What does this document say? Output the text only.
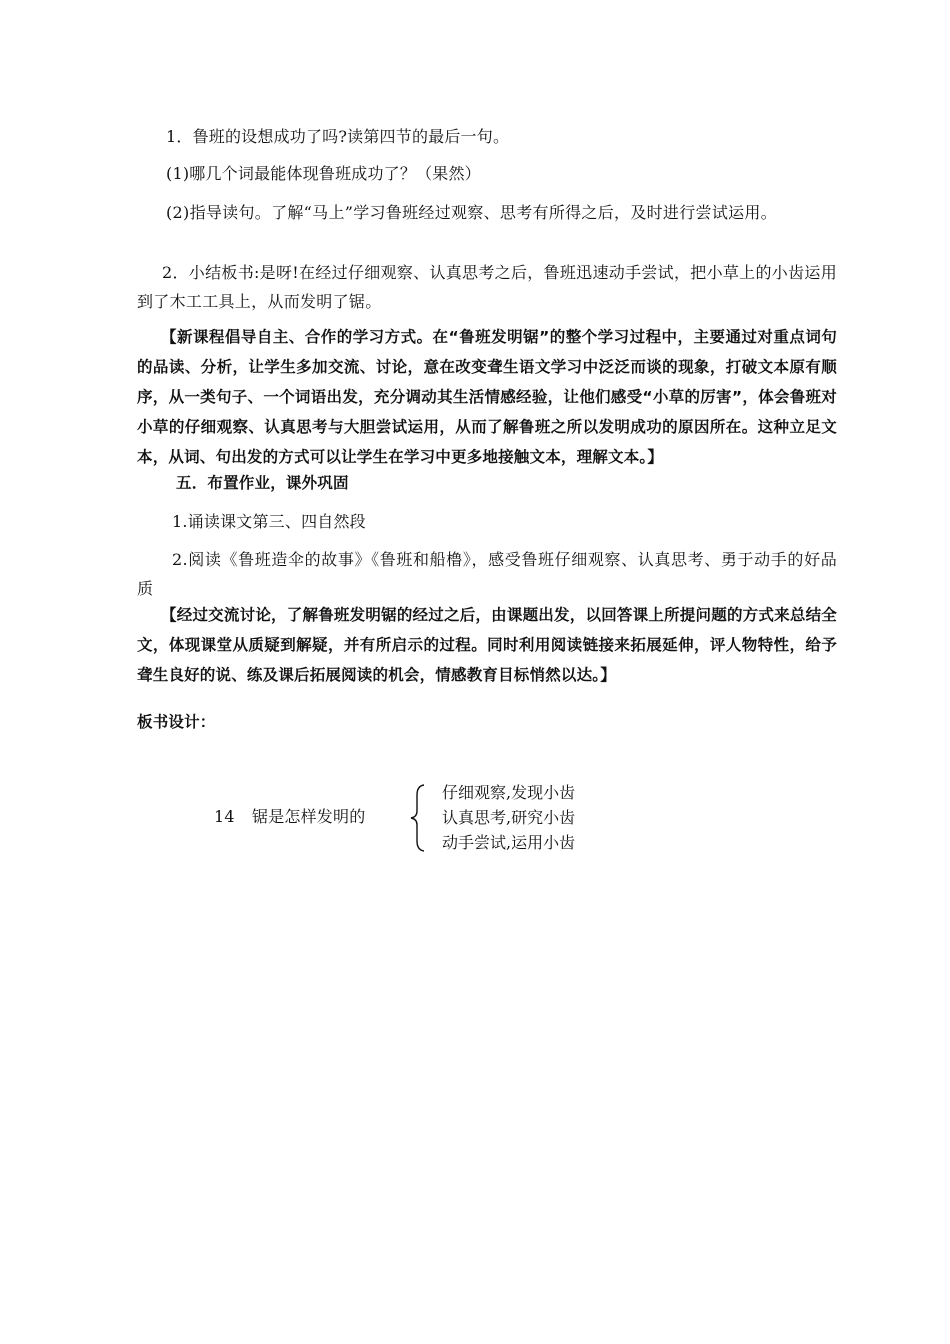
1．鲁班的设想成功了吗?读第四节的最后一句。
(1)哪几个词最能体现鲁班成功了？（果然）
(2)指导读句。了解“马上”学习鲁班经过观察、思考有所得之后，及时进行尝试运用。
2．小结板书:是呀!在经过仔细观察、认真思考之后，鲁班迅速动手尝试，把小草上的小齿运用到了木工工具上，从而发明了锯。
【新课程倡导自主、合作的学习方式。在“鲁班发明锯”的整个学习过程中，主要通过对重点词句的品读、分析，让学生多加交流、讨论，意在改变聋生语文学习中泛泛而谈的现象，打破文本原有顺序，从一类句子、一个词语出发，充分调动其生活情感经验，让他们感受“小草的厉害”，体会鲁班对小草的仔细观察、认真思考与大胆尝试运用，从而了解鲁班之所以发明成功的原因所在。这种立足文本，从词、句出发的方式可以让学生在学习中更多地接触文本，理解文本。】
五．布置作业，课外巩固
1.诵读课文第三、四自然段
2.阅读《鲁班造伞的故事》《鲁班和船橹》，感受鲁班仔细观察、认真思考、勇于动手的好品质
【经过交流讨论，了解鲁班发明锯的经过之后，由课题出发，以回答课上所提问题的方式来总结全文，体现课堂从质疑到解疑，并有所启示的过程。同时利用阅读链接来拓展延伸，评人物特性，给予聋生良好的说、练及课后拓展阅读的机会，情感教育目标悄然以达。】
板书设计：
14 锯是怎样发明的
仔细观察,发现小齿
认真思考,研究小齿
动手尝试,运用小齿
